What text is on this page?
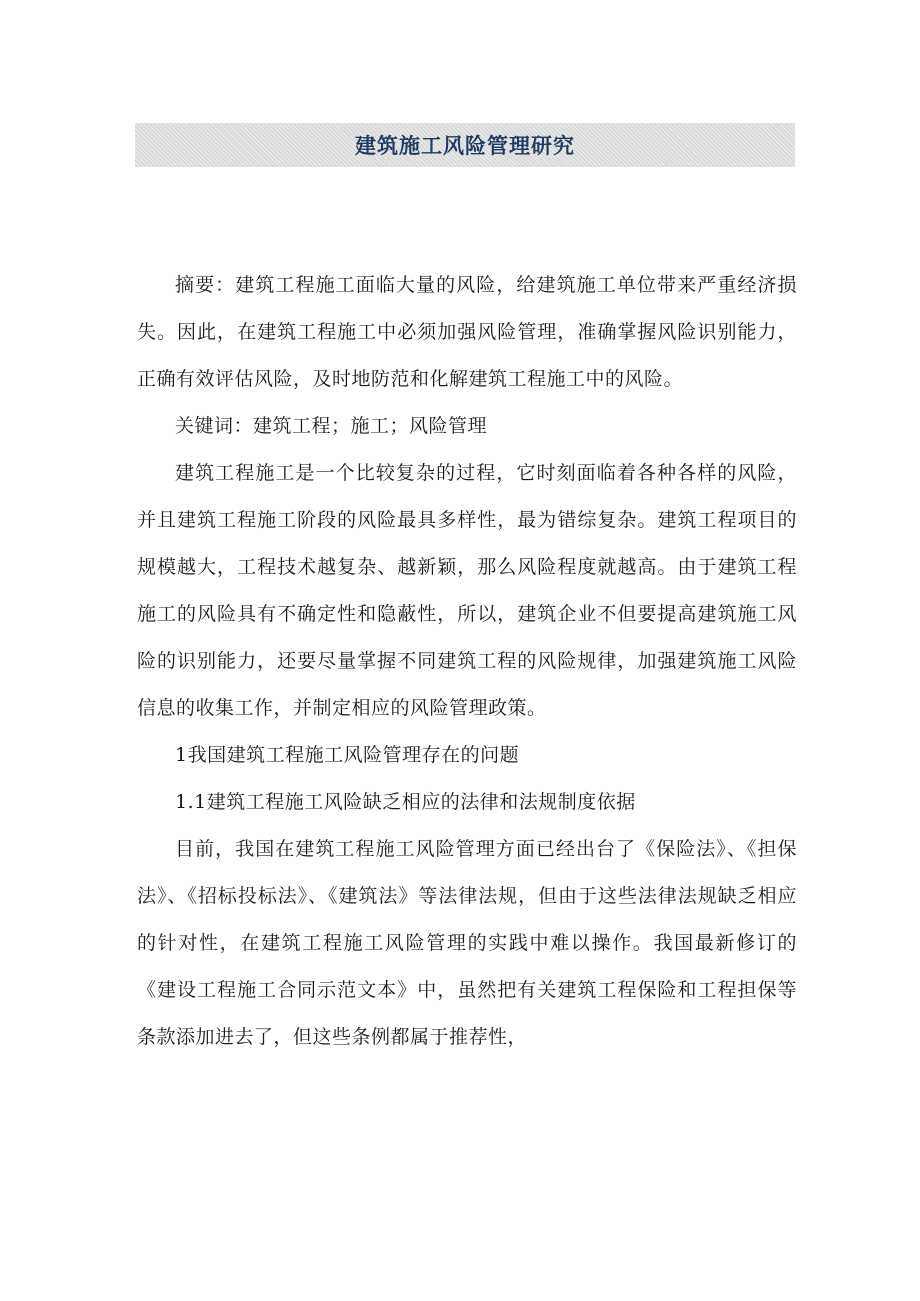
建筑施工风险管理研究

摘要：建筑工程施工面临大量的风险，给建筑施工单位带来严重经济损失。因此，在建筑工程施工中必须加强风险管理，准确掌握风险识别能力，正确有效评估风险，及时地防范和化解建筑工程施工中的风险。

关键词：建筑工程；施工；风险管理

建筑工程施工是一个比较复杂的过程，它时刻面临着各种各样的风险，并且建筑工程施工阶段的风险最具多样性，最为错综复杂。建筑工程项目的规模越大，工程技术越复杂、越新颖，那么风险程度就越高。由于建筑工程施工的风险具有不确定性和隐蔽性，所以，建筑企业不但要提高建筑施工风险的识别能力，还要尽量掌握不同建筑工程的风险规律，加强建筑施工风险信息的收集工作，并制定相应的风险管理政策。

1我国建筑工程施工风险管理存在的问题

1.1建筑工程施工风险缺乏相应的法律和法规制度依据

目前，我国在建筑工程施工风险管理方面已经出台了《保险法》、《担保法》、《招标投标法》、《建筑法》等法律法规，但由于这些法律法规缺乏相应的针对性，在建筑工程施工风险管理的实践中难以操作。我国最新修订的《建设工程施工合同示范文本》中，虽然把有关建筑工程保险和工程担保等条款添加进去了，但这些条例都属于推荐性，
